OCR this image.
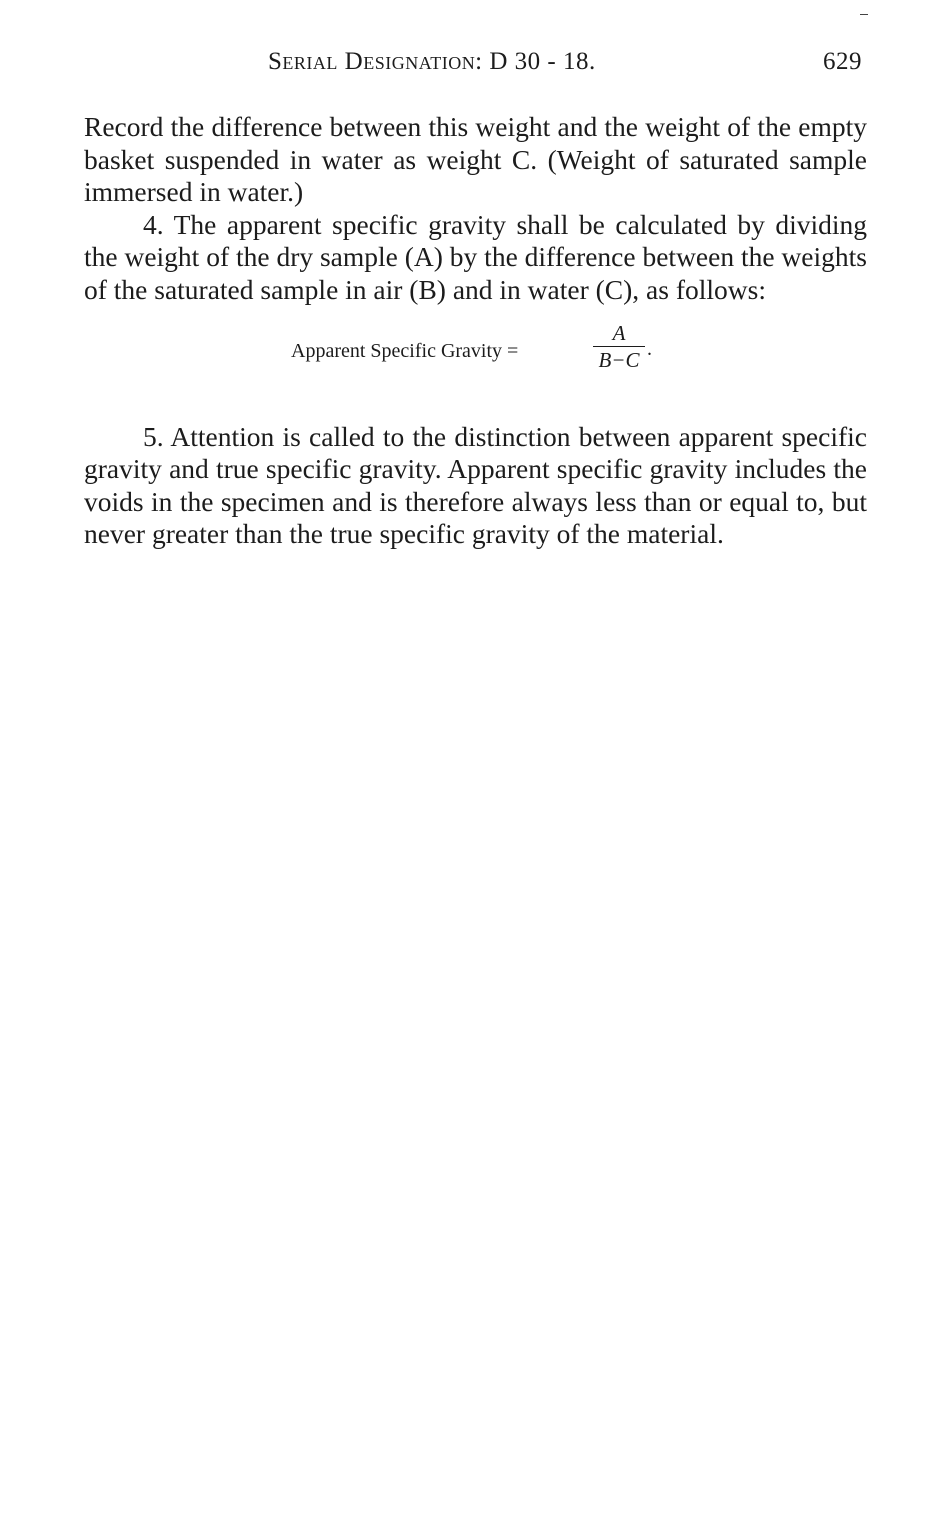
Serial Designation: D 30 - 18.	629

Record the difference between this weight and the weight of the empty basket suspended in water as weight C. (Weight of saturated sample immersed in water.)

4. The apparent specific gravity shall be calculated by dividing the weight of the dry sample (A) by the difference between the weights of the saturated sample in air (B) and in water (C), as follows:

Apparent Specific Gravity =
A
B−C .

5. Attention is called to the distinction between apparent specific gravity and true specific gravity. Apparent specific gravity includes the voids in the specimen and is therefore always less than or equal to, but never greater than the true specific gravity of the material.
